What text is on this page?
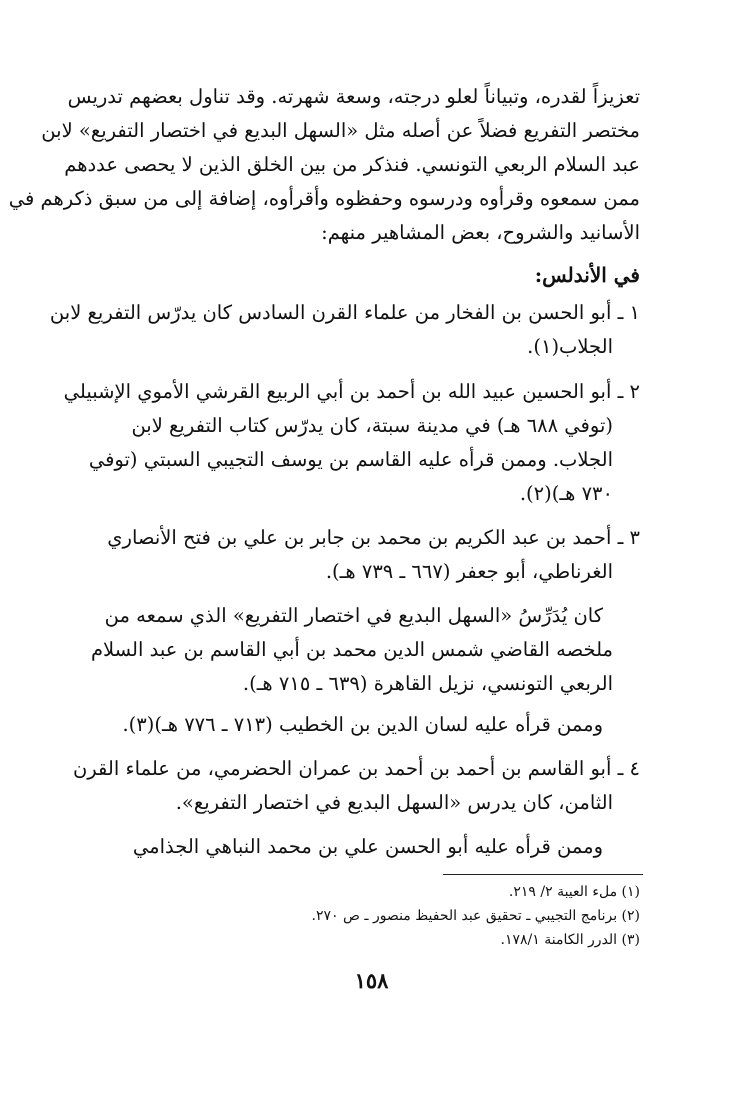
تعزيزاً لقدره، وتبياناً لعلو درجته، وسعة شهرته. وقد تناول بعضهم تدريس
مختصر التفريع فضلاً عن أصله مثل «السهل البديع في اختصار التفريع» لابن
عبد السلام الربعي التونسي. فنذكر من بين الخلق الذين لا يحصى عددهم
ممن سمعوه وقرأوه ودرسوه وحفظوه وأقرأوه، إضافة إلى من سبق ذكرهم في
الأسانيد والشروح، بعض المشاهير منهم:
في الأندلس:
١ ـ أبو الحسن بن الفخار من علماء القرن السادس كان يدرّس التفريع لابن
الجلاب(١).
٢ ـ أبو الحسين عبيد الله بن أحمد بن أبي الربيع القرشي الأموي الإشبيلي
(توفي ٦٨٨ هـ) في مدينة سبتة، كان يدرّس كتاب التفريع لابن
الجلاب. وممن قرأه عليه القاسم بن يوسف التجيبي السبتي (توفي
٧٣٠ هـ)(٢).
٣ ـ أحمد بن عبد الكريم بن محمد بن جابر بن علي بن فتح الأنصاري
الغرناطي، أبو جعفر (٦٦٧ ـ ٧٣٩ هـ).
كان يُدَرِّسُ «السهل البديع في اختصار التفريع» الذي سمعه من
ملخصه القاضي شمس الدين محمد بن أبي القاسم بن عبد السلام
الربعي التونسي، نزيل القاهرة (٦٣٩ ـ ٧١٥ هـ).
وممن قرأه عليه لسان الدين بن الخطيب (٧١٣ ـ ٧٧٦ هـ)(٣).
٤ ـ أبو القاسم بن أحمد بن أحمد بن عمران الحضرمي، من علماء القرن
الثامن، كان يدرس «السهل البديع في اختصار التفريع».
وممن قرأه عليه أبو الحسن علي بن محمد النباهي الجذامي
(١) ملء العيبة ٢/ ٢١٩.
(٢) برنامج التجيبي ـ تحقيق عبد الحفيظ منصور ـ ص ٢٧٠.
(٣) الدرر الكامنة ١٧٨/١.
١٥٨
